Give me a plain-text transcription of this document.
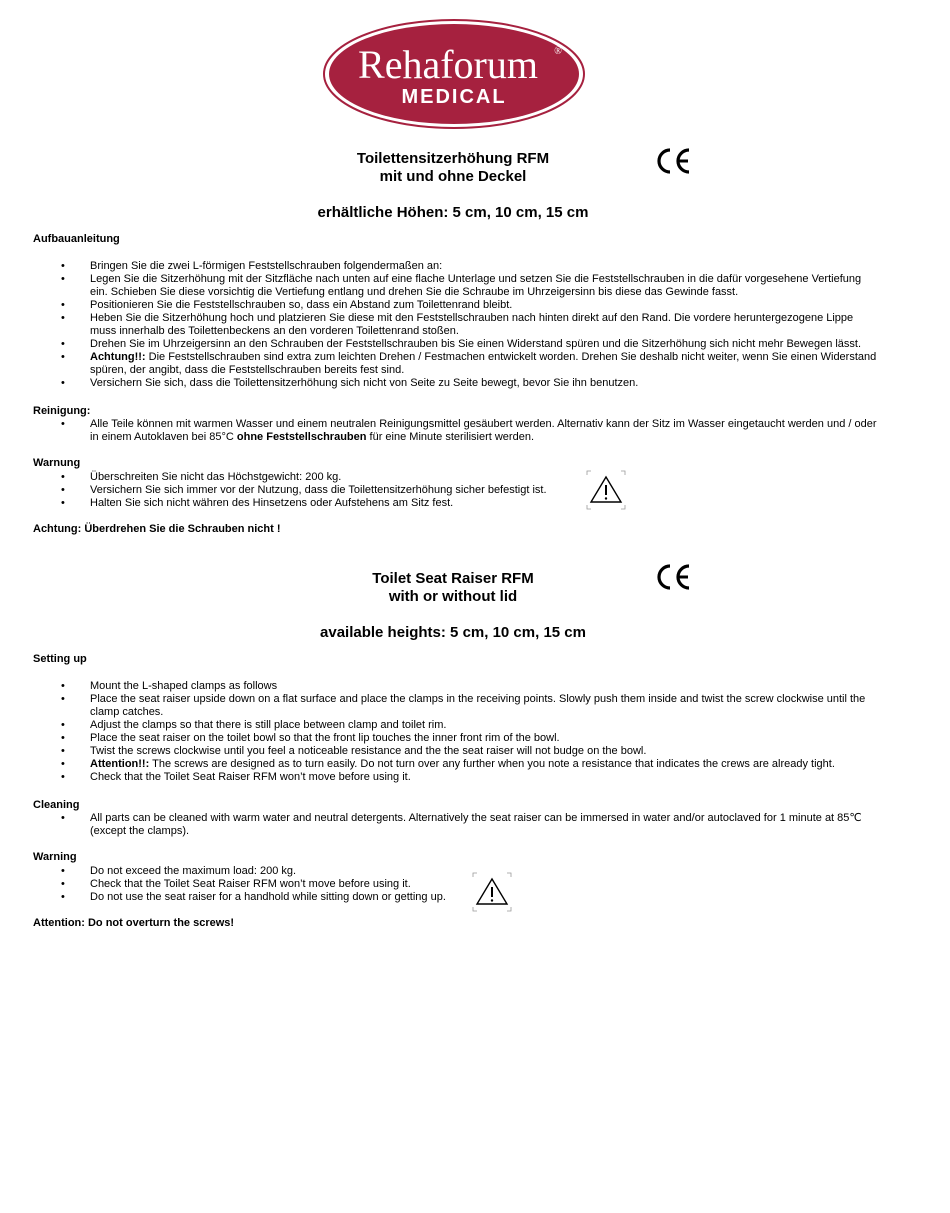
Rehaforum ®
MEDICAL
Toilettensitzerhöhung RFM
mit und ohne Deckel
erhältliche Höhen: 5 cm, 10 cm, 15 cm
Aufbauanleitung
• Bringen Sie die zwei L-förmigen Feststellschrauben folgendermaßen an:
• Legen Sie die Sitzerhöhung mit der Sitzfläche nach unten auf eine flache Unterlage und setzen Sie die Feststellschrauben in die dafür vorgesehene Vertiefung ein. Schieben Sie diese vorsichtig die Vertiefung entlang und drehen Sie die Schraube im Uhrzeigersinn bis diese das Gewinde fasst.
• Positionieren Sie die Feststellschrauben so, dass ein Abstand zum Toilettenrand bleibt.
• Heben Sie die Sitzerhöhung hoch und platzieren Sie diese mit den Feststellschrauben nach hinten direkt auf den Rand. Die vordere heruntergezogene Lippe muss innerhalb des Toilettenbeckens an den vorderen Toilettenrand stoßen.
• Drehen Sie im Uhrzeigersinn an den Schrauben der Feststellschrauben bis Sie einen Widerstand spüren und die Sitzerhöhung sich nicht mehr Bewegen lässt.
• Achtung!!: Die Feststellschrauben sind extra zum leichten Drehen / Festmachen entwickelt worden. Drehen Sie deshalb nicht weiter, wenn Sie einen Widerstand spüren, der angibt, dass die Feststellschrauben bereits fest sind.
• Versichern Sie sich, dass die Toilettensitzerhöhung sich nicht von Seite zu Seite bewegt, bevor Sie ihn benutzen.
Reinigung:
• Alle Teile können mit warmen Wasser und einem neutralen Reinigungsmittel gesäubert werden. Alternativ kann der Sitz im Wasser eingetaucht werden und / oder in einem Autoklaven bei 85°C ohne Feststellschrauben für eine Minute sterilisiert werden.
Warnung
• Überschreiten Sie nicht das Höchstgewicht: 200 kg.
• Versichern Sie sich immer vor der Nutzung, dass die Toilettensitzerhöhung sicher befestigt ist.
• Halten Sie sich nicht währen des Hinsetzens oder Aufstehens am Sitz fest.
Achtung: Überdrehen Sie die Schrauben nicht !
Toilet Seat Raiser RFM
with or without lid
available heights: 5 cm, 10 cm, 15 cm
Setting up
• Mount the L-shaped clamps as follows
• Place the seat raiser upside down on a flat surface and place the clamps in the receiving points. Slowly push them inside and twist the screw clockwise until the clamp catches.
• Adjust the clamps so that there is still place between clamp and toilet rim.
• Place the seat raiser on the toilet bowl so that the front lip touches the inner front rim of the bowl.
• Twist the screws clockwise until you feel a noticeable resistance and the the seat raiser will not budge on the bowl.
• Attention!!: The screws are designed as to turn easily. Do not turn over any further when you note a resistance that indicates the crews are already tight.
• Check that the Toilet Seat Raiser RFM won’t move before using it.
Cleaning
• All parts can be cleaned with warm water and neutral detergents. Alternatively the seat raiser can be immersed in water and/or autoclaved for 1 minute at 85℃ (except the clamps).
Warning
• Do not exceed the maximum load: 200 kg.
• Check that the Toilet Seat Raiser RFM won’t move before using it.
• Do not use the seat raiser for a handhold while sitting down or getting up.
Attention: Do not overturn the screws!
